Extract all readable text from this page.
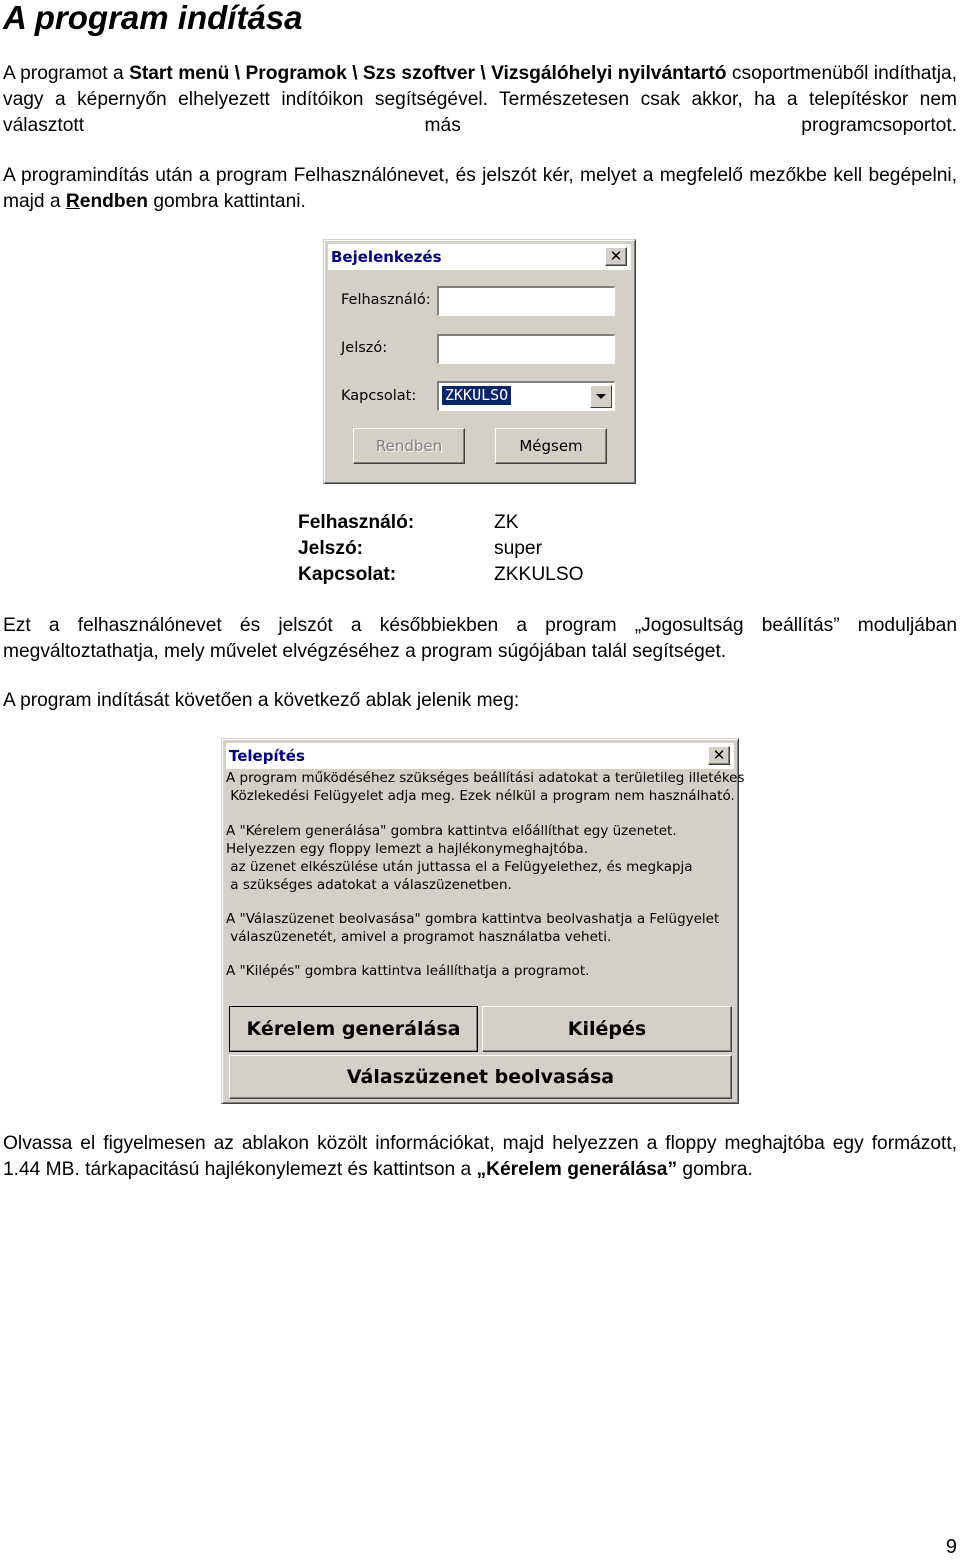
A program indítása

A programot a Start menü \ Programok \ Szs szoftver \ Vizsgálóhelyi nyilvántartó csoportmenüből indíthatja, vagy a képernyőn elhelyezett indítóikon segítségével. Természetesen csak akkor, ha a telepítéskor nem választott más programcsoportot.

A programindítás után a program Felhasználónevet, és jelszót kér, melyet a megfelelő mezőkbe kell begépelni, majd a Rendben gombra kattintani.

Bejelenkezés	✕
Felhasználó:
Jelszó:
Kapcsolat: ZKKULSO
Rendben	Mégsem
Felhasználó:	ZK
Jelszó:	super
Kapcsolat:	ZKKULSO

Ezt a felhasználónevet és jelszót a későbbiekben a program „Jogosultság beállítás” moduljában megváltoztathatja, mely művelet elvégzéséhez a program súgójában talál segítséget.

A program indítását követően a következő ablak jelenik meg:

Telepítés	✕
A program működéséhez szükséges beállítási adatokat a területileg illetékes
Közlekedési Felügyelet adja meg. Ezek nélkül a program nem használható.
A "Kérelem generálása" gombra kattintva előállíthat egy üzenetet.
Helyezzen egy floppy lemezt a hajlékonymeghajtóba.
az üzenet elkészülése után juttassa el a Felügyelethez, és megkapja
a szükséges adatokat a válaszüzenetben.
A "Válaszüzenet beolvasása" gombra kattintva beolvashatja a Felügyelet
válaszüzenetét, amivel a programot használatba veheti.
A "Kilépés" gombra kattintva leállíthatja a programot.
Kérelem generálása	Kilépés
Válaszüzenet beolvasása

Olvassa el figyelmesen az ablakon közölt információkat, majd helyezzen a floppy meghajtóba egy formázott, 1.44 MB. tárkapacitású hajlékonylemezt és kattintson a „Kérelem generálása” gombra.

9
